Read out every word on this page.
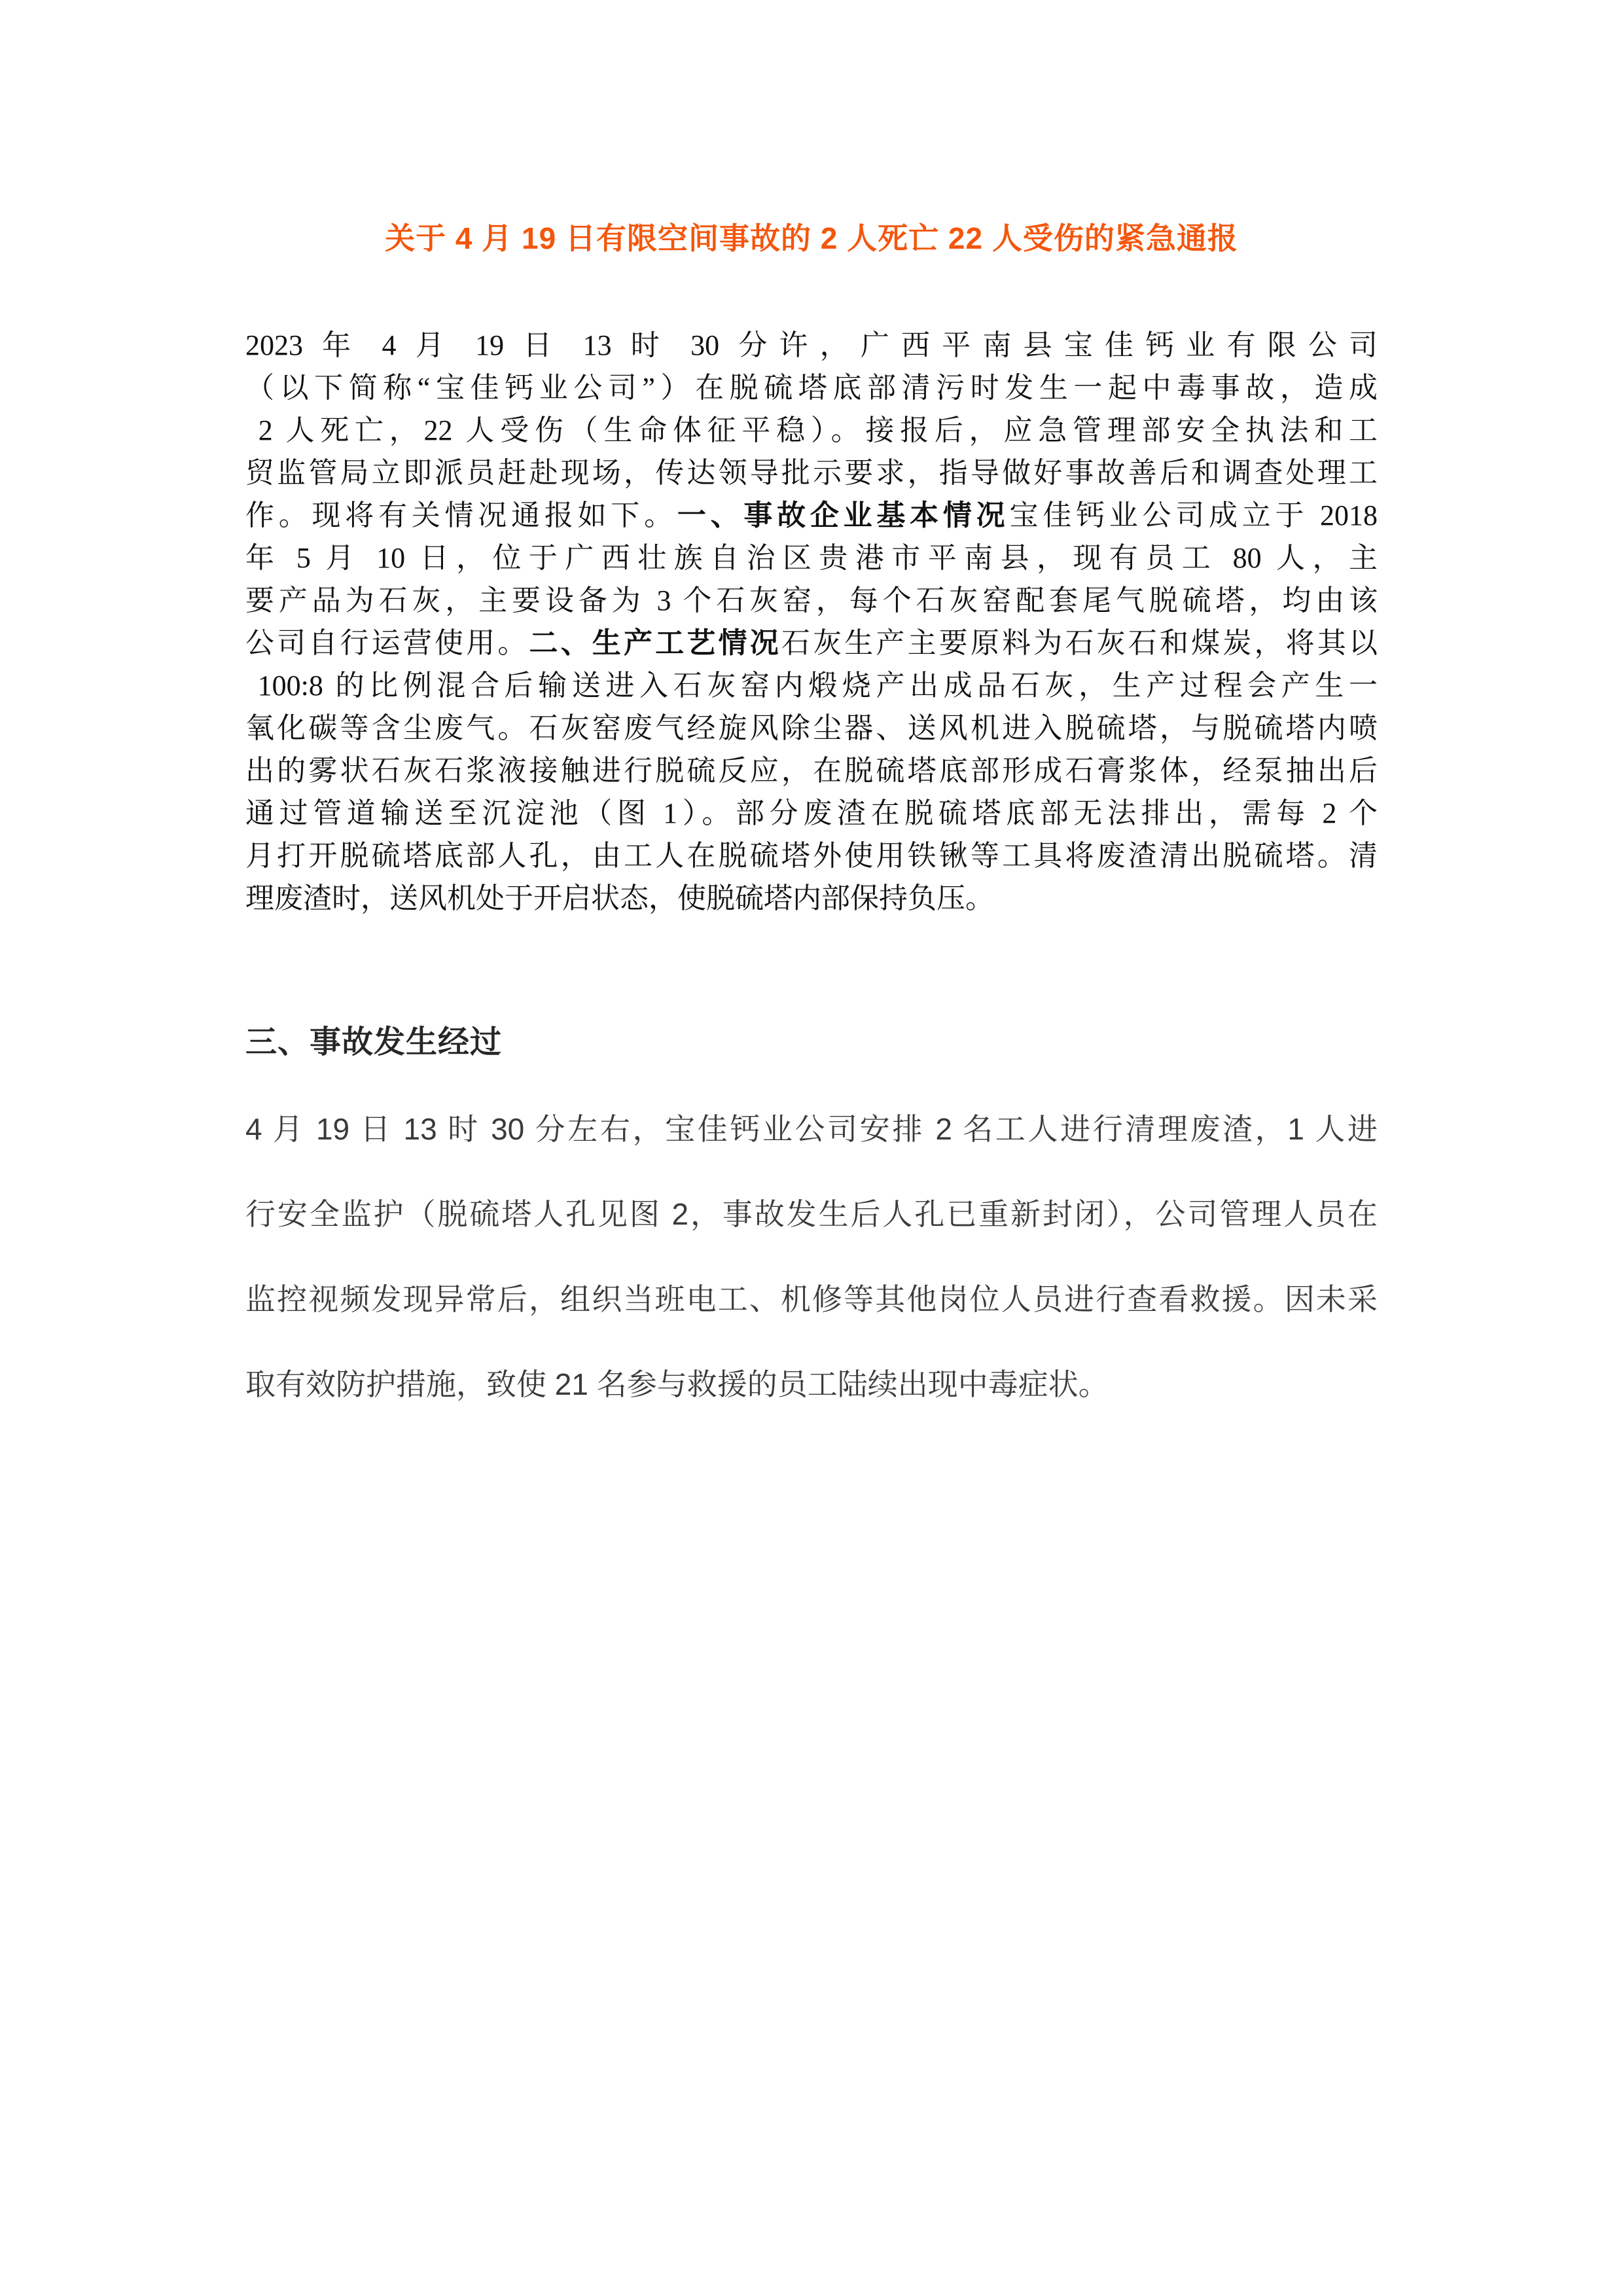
关于 4 月 19 日有限空间事故的 2 人死亡 22 人受伤的紧急通报
2023 年 4 月 19 日 13 时 30 分许，广西平南县宝佳钙业有限公司
（以下简称“宝佳钙业公司”）在脱硫塔底部清污时发生一起中毒事故，造成
2 人死亡，22 人受伤（生命体征平稳）。接报后，应急管理部安全执法和工
贸监管局立即派员赶赴现场，传达领导批示要求，指导做好事故善后和调查处理工
作。现将有关情况通报如下。一、事故企业基本情况宝佳钙业公司成立于 2018
年 5 月 10 日，位于广西壮族自治区贵港市平南县，现有员工 80 人，主
要产品为石灰，主要设备为 3 个石灰窑，每个石灰窑配套尾气脱硫塔，均由该
公司自行运营使用。二、生产工艺情况石灰生产主要原料为石灰石和煤炭，将其以
100:8 的比例混合后输送进入石灰窑内煅烧产出成品石灰，生产过程会产生一
氧化碳等含尘废气。石灰窑废气经旋风除尘器、送风机进入脱硫塔，与脱硫塔内喷
出的雾状石灰石浆液接触进行脱硫反应，在脱硫塔底部形成石膏浆体，经泵抽出后
通过管道输送至沉淀池（图 1）。部分废渣在脱硫塔底部无法排出，需每 2 个
月打开脱硫塔底部人孔，由工人在脱硫塔外使用铁锹等工具将废渣清出脱硫塔。清
理废渣时，送风机处于开启状态，使脱硫塔内部保持负压。
三、事故发生经过
4 月 19 日 13 时 30 分左右，宝佳钙业公司安排 2 名工人进行清理废渣，1 人进
行安全监护（脱硫塔人孔见图 2，事故发生后人孔已重新封闭），公司管理人员在
监控视频发现异常后，组织当班电工、机修等其他岗位人员进行查看救援。因未采
取有效防护措施，致使 21 名参与救援的员工陆续出现中毒症状。
